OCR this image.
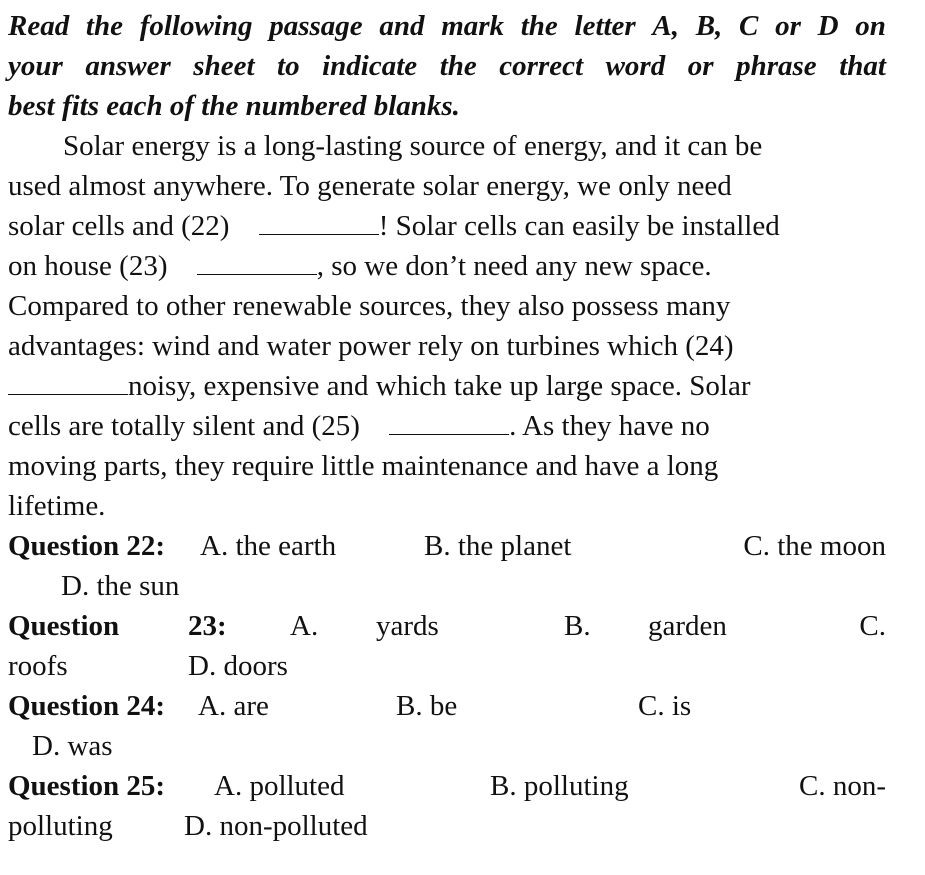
Read the following passage and mark the letter A, B, C or D on
your answer sheet to indicate the correct word or phrase that
best fits each of the numbered blanks.
Solar energy is a long-lasting source of energy, and it can be
used almost anywhere. To generate solar energy, we only need
solar cells and (22)	! Solar cells can easily be installed
on house (23)	, so we don’t need any new space.
Compared to other renewable sources, they also possess many
advantages: wind and water power rely on turbines which (24)
noisy, expensive and which take up large space. Solar
cells are totally silent and (25)	. As they have no
moving parts, they require little maintenance and have a long
lifetime.
Question 22: A. the earth	B. the planet	C. the moon
D. the sun
Question 23: A. yards	B. garden	C.
roofs	D. doors
Question 24: A. are	B. be	C. is
D. was
Question 25: A. polluted	B. polluting	C. non-
polluting D. non-polluted
